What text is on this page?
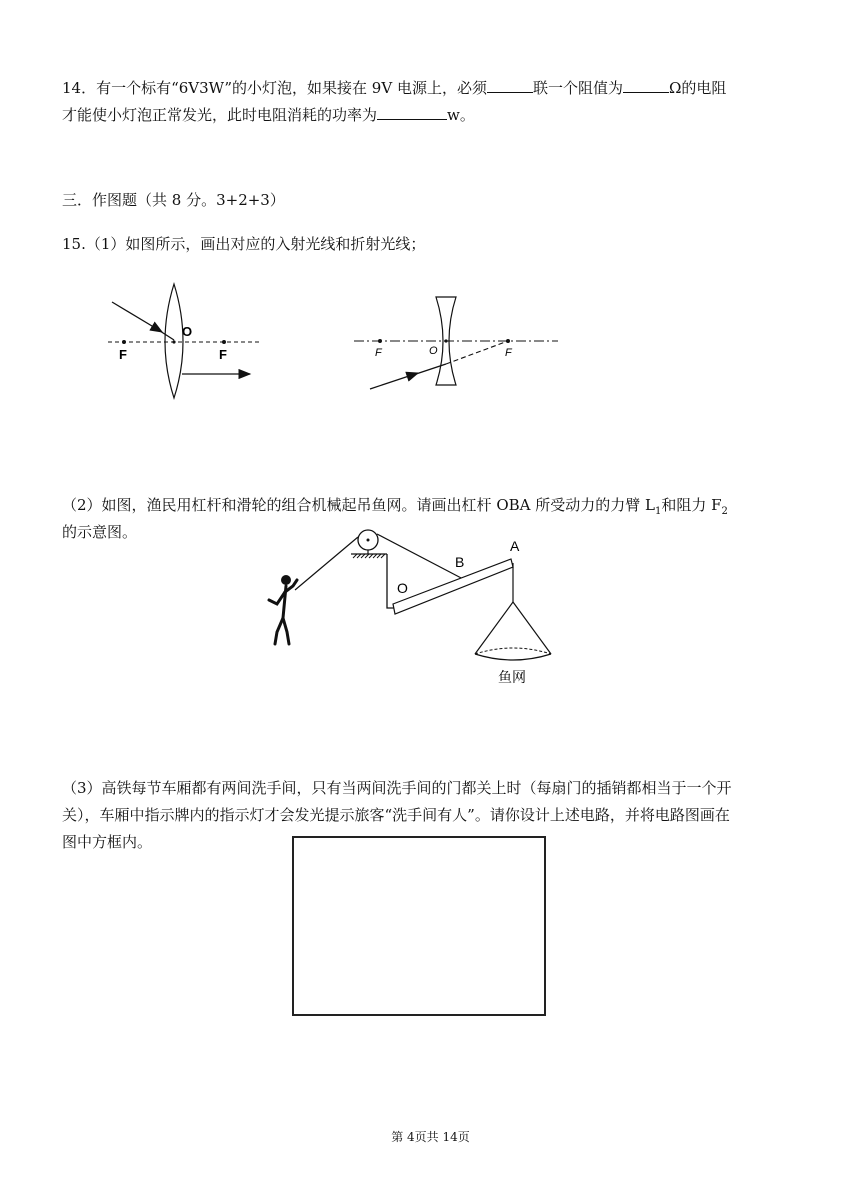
14．有一个标有“6V3W”的小灯泡，如果接在 9V 电源上，必须	联一个阻值为	Ω的电阻
才能使小灯泡正常发光，此时电阻消耗的功率为	w。
三．作图题（共 8 分。3+2+3）
15.（1）如图所示，画出对应的入射光线和折射光线；
F
O
F	F	O	F
（2）如图，渔民用杠杆和滑轮的组合机械起吊鱼网。请画出杠杆 OBA 所受动力的力臂 $L_1$和阻力 $F_2$
的示意图。
O
B
A
鱼网
（3）高铁每节车厢都有两间洗手间，只有当两间洗手间的门都关上时（每扇门的插销都相当于一个开
关），车厢中指示牌内的指示灯才会发光提示旅客“洗手间有人”。请你设计上述电路，并将电路图画在
图中方框内。
第 4页共 14页
